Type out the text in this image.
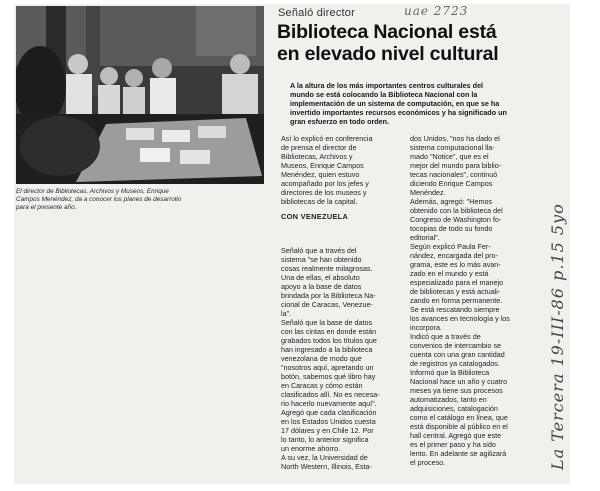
El director de Bibliotecas, Archivos y Museos, Enrique
Campos Menéndez, da a conocer los planes de desarrollo
para el presente año.
Señaló director	uae 2723
Biblioteca Nacional está
en elevado nivel cultural
A la altura de los más importantes centros culturales del
mundo se está colocando la Biblioteca Nacional con la
implementación de un sistema de computación, en que se ha
invertido importantes recursos económicos y ha significado un
gran esfuerzo en todo orden.
Así lo explicó en conferencia
de prensa el director de
Bibliotecas, Archivos y
Museos, Enrique Campos
Menéndez, quien estuvo
acompañado por los jefes y
directores de los museos y
bibliotecas de la capital.
CON VENEZUELA
Señaló que a través del
sistema "se han obtenido
cosas realmente milagrosas.
Una de ellas, el absoluto
apoyo a la base de datos
brindada por la Biblioteca Na-
cional de Caracas, Venezue-
la".
Señaló que la base de datos
con las cintas en donde están
grabados todos los títulos que
han ingresado a la biblioteca
venezolana de modo que
"nosotros aquí, apretando un
botón, sabemos qué libro hay
en Caracas y cómo están
clasificados allí. No es necesa-
rio hacerlo nuevamente aquí".
Agregó que cada clasificación
en los Estados Unidos cuesta
17 dólares y en Chile 12. Por
lo tanto, lo anterior significa
un enorme ahorro.
A su vez, la Universidad de
North Western, Illinois, Esta-
dos Unidos, "nos ha dado el
sistema computacional lla-
mado "Notice", que es el
mejor del mundo para biblio-
tecas nacionales", continuó
diciendo Enrique Campos
Menéndez.
Además, agregó: "Hemos
obtenido con la biblioteca del
Congreso de Washington fo-
tocopias de todo su fondo
editorial".
Según explicó Paula Fer-
nández, encargada del pro-
grama, este es lo más avan-
zado en el mundo y está
especializado para el manejo
de bibliotecas y está actuali-
zando en forma permanente.
Se está rescatando siempre
los avances en tecnología y los
incorpora.
Indicó que a través de
convenios de intercambio se
cuenta con una gran cantidad
de registros ya catalogados.
Informó que la Biblioteca
Nacional hace un año y cuatro
meses ya tiene sus procesos
automatizados, tanto en
adquisiciones, catalogación
como el catálogo en línea, que
está disponible al público en el
hall central. Agregó que este
es el primer paso y ha sido
lento. En adelante se agilizará
el proceso.	La Tercera 19-III-86 p.15 5yo
